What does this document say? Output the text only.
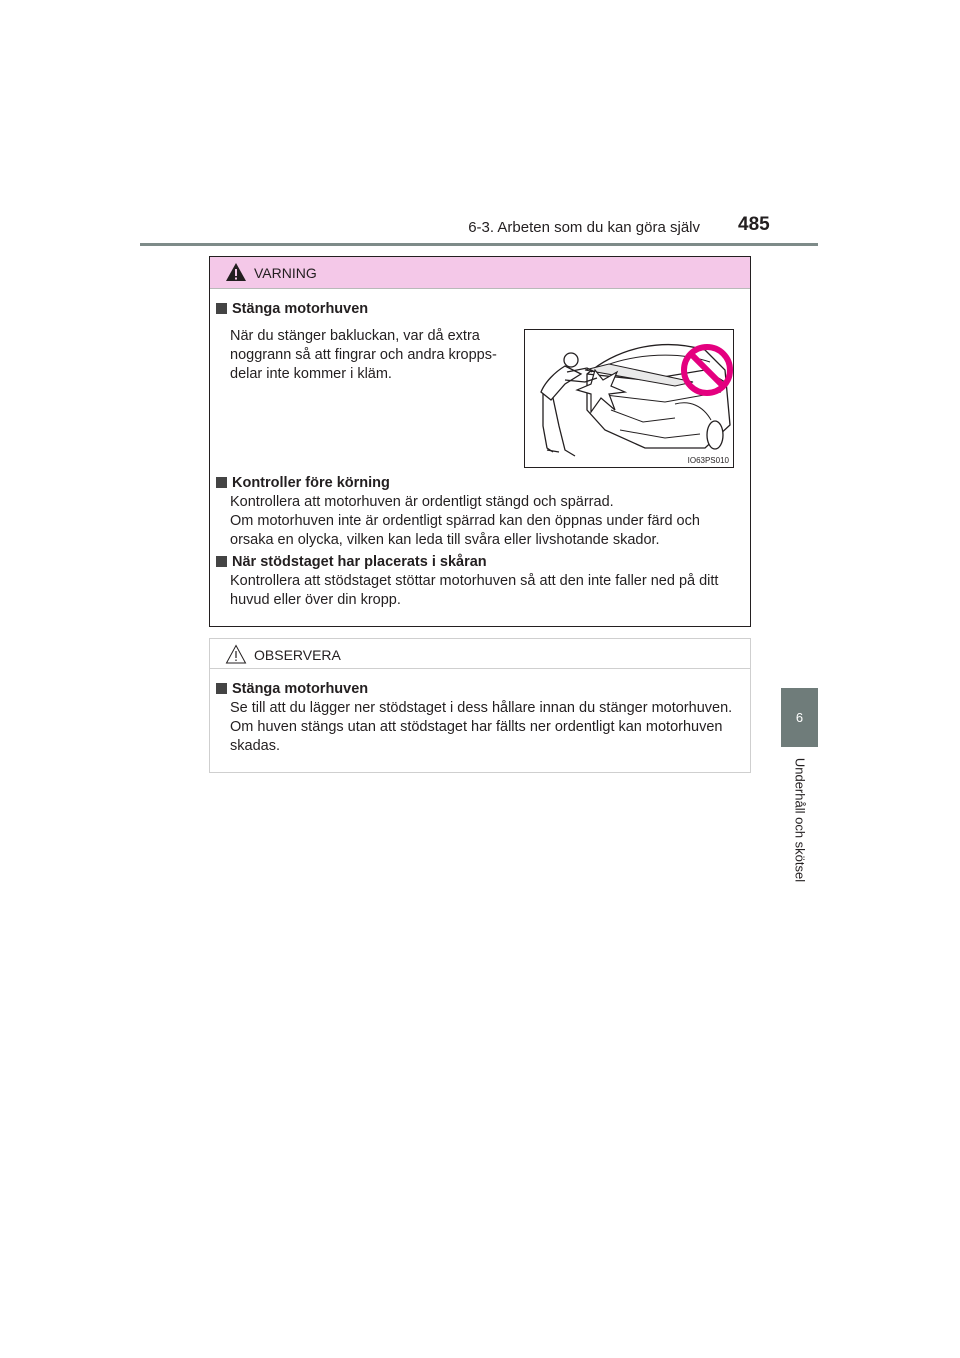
6-3. Arbeten som du kan göra själv 485
6
Underhåll och skötsel
VARNING
Stänga motorhuven
När du stänger bakluckan, var då extra
noggrann så att fingrar och andra kropps-
delar inte kommer i kläm.
IO63PS010
Kontroller före körning
Kontrollera att motorhuven är ordentligt stängd och spärrad.
Om motorhuven inte är ordentligt spärrad kan den öppnas under färd och
orsaka en olycka, vilken kan leda till svåra eller livshotande skador.
När stödstaget har placerats i skåran
Kontrollera att stödstaget stöttar motorhuven så att den inte faller ned på ditt
huvud eller över din kropp.
OBSERVERA
Stänga motorhuven
Se till att du lägger ner stödstaget i dess hållare innan du stänger motorhuven.
Om huven stängs utan att stödstaget har fällts ner ordentligt kan motorhuven
skadas.
